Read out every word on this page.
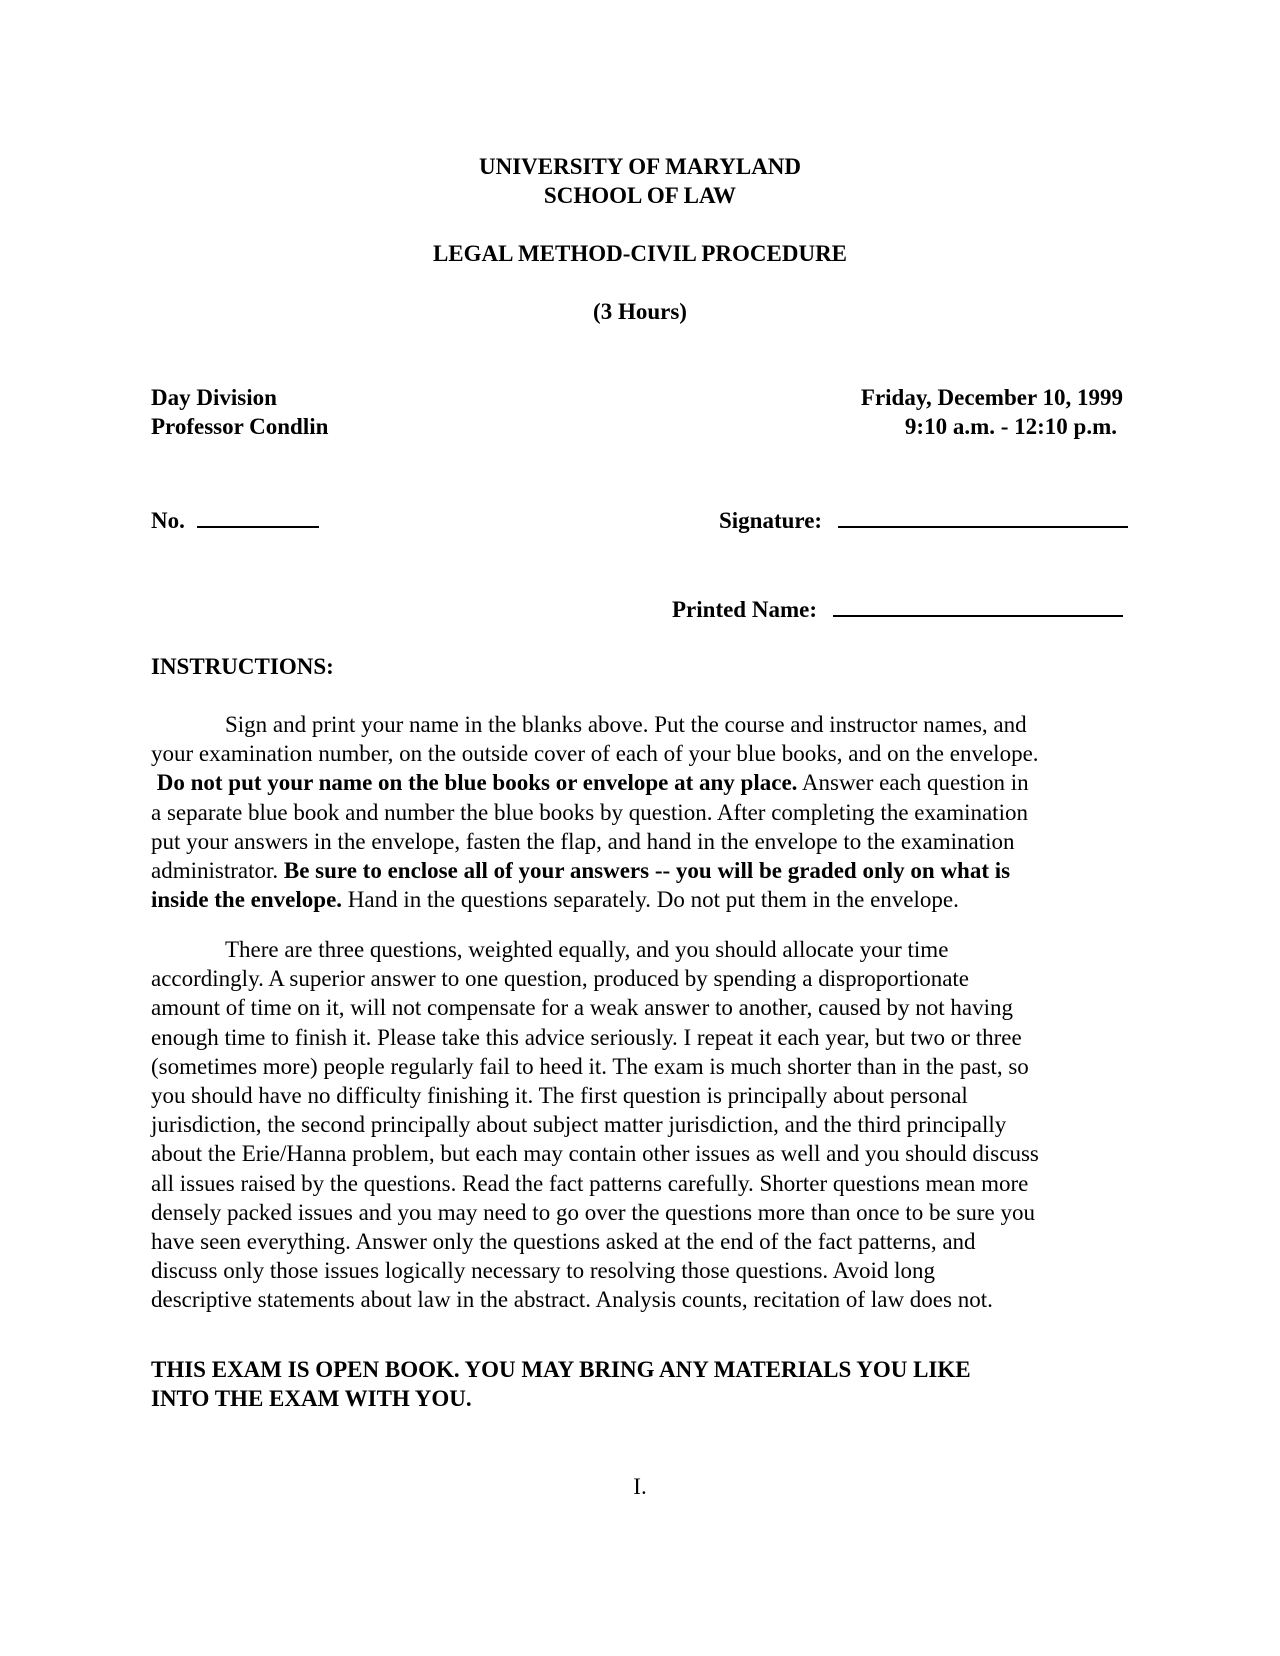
UNIVERSITY OF MARYLAND
SCHOOL OF LAW
LEGAL METHOD-CIVIL PROCEDURE
(3 Hours)
Day Division
Professor Condlin
Friday, December 10, 1999
9:10 a.m. - 12:10 p.m.
No.	Signature:
Printed Name:
INSTRUCTIONS:
Sign and print your name in the blanks above. Put the course and instructor names, and
your examination number, on the outside cover of each of your blue books, and on the envelope.
Do not put your name on the blue books or envelope at any place. Answer each question in
a separate blue book and number the blue books by question. After completing the examination
put your answers in the envelope, fasten the flap, and hand in the envelope to the examination
administrator. Be sure to enclose all of your answers -- you will be graded only on what is
inside the envelope. Hand in the questions separately. Do not put them in the envelope.
There are three questions, weighted equally, and you should allocate your time
accordingly. A superior answer to one question, produced by spending a disproportionate
amount of time on it, will not compensate for a weak answer to another, caused by not having
enough time to finish it. Please take this advice seriously. I repeat it each year, but two or three
(sometimes more) people regularly fail to heed it. The exam is much shorter than in the past, so
you should have no difficulty finishing it. The first question is principally about personal
jurisdiction, the second principally about subject matter jurisdiction, and the third principally
about the Erie/Hanna problem, but each may contain other issues as well and you should discuss
all issues raised by the questions. Read the fact patterns carefully. Shorter questions mean more
densely packed issues and you may need to go over the questions more than once to be sure you
have seen everything. Answer only the questions asked at the end of the fact patterns, and
discuss only those issues logically necessary to resolving those questions. Avoid long
descriptive statements about law in the abstract. Analysis counts, recitation of law does not.
THIS EXAM IS OPEN BOOK. YOU MAY BRING ANY MATERIALS YOU LIKE
INTO THE EXAM WITH YOU.
I.
